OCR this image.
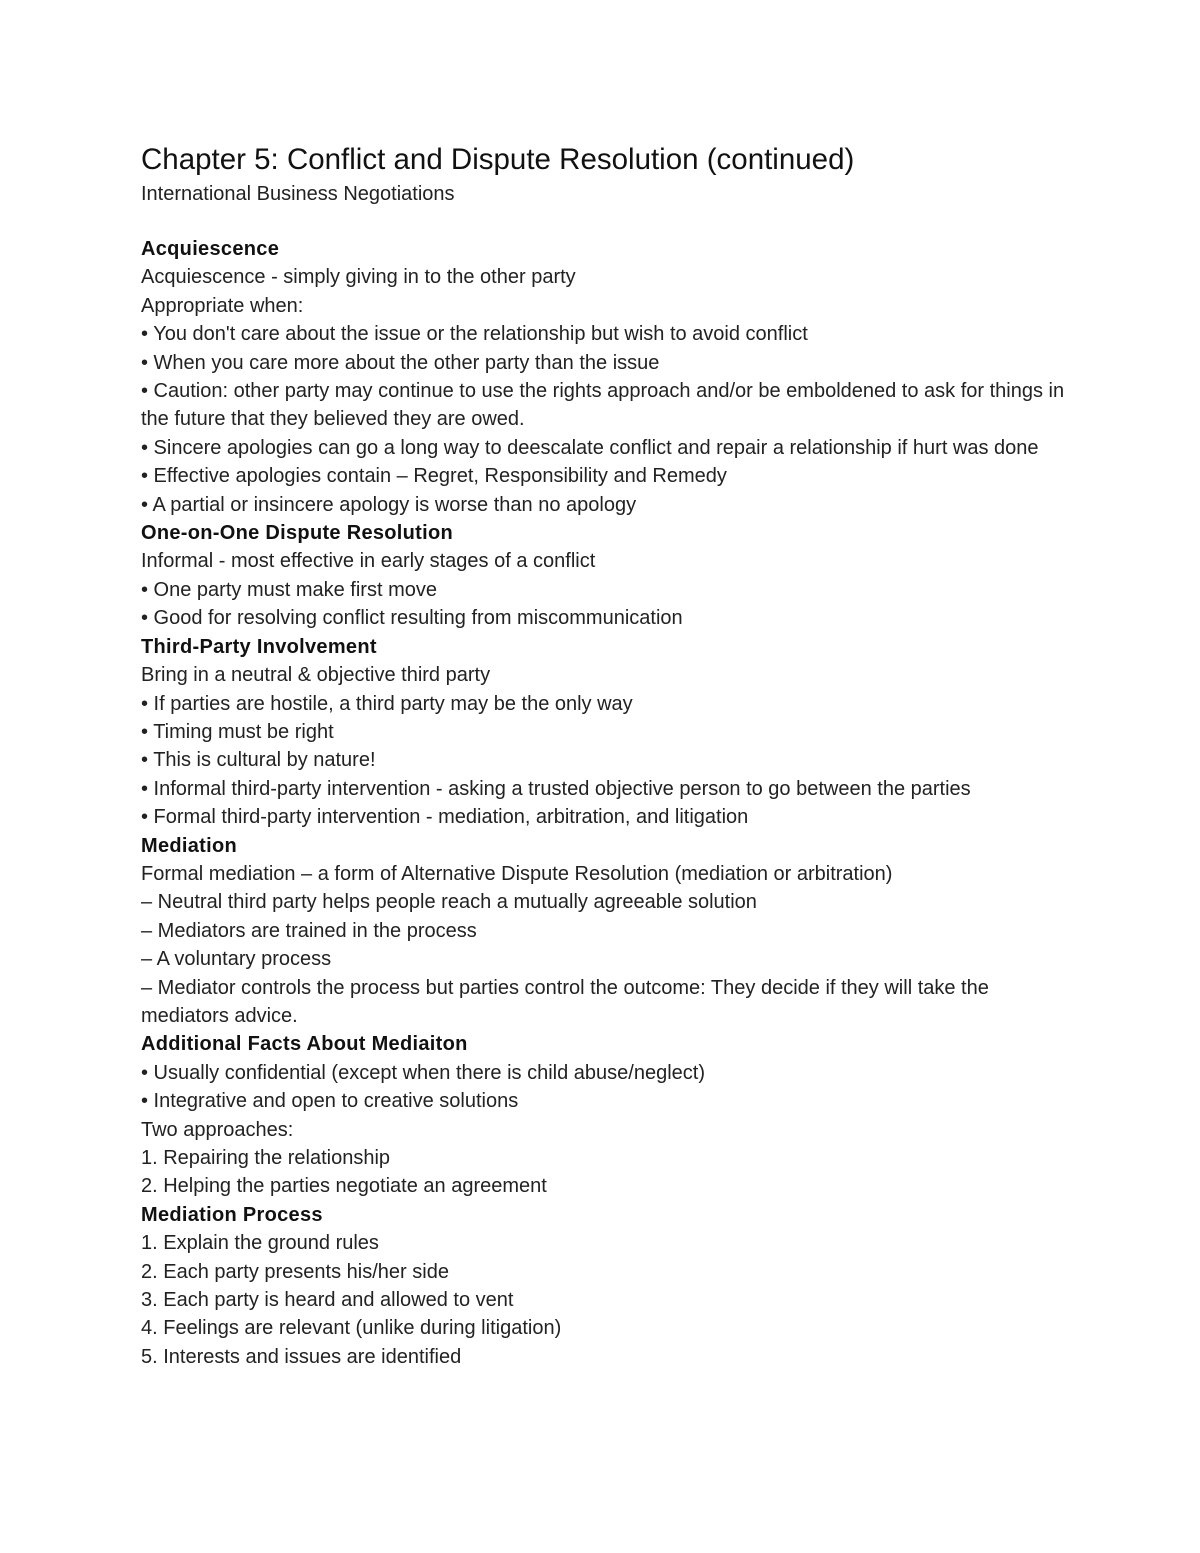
Chapter 5: Conflict and Dispute Resolution (continued)

International Business Negotiations

Acquiescence

Acquiescence - simply giving in to the other party

Appropriate when:

• You don't care about the issue or the relationship but wish to avoid conflict

• When you care more about the other party than the issue

• Caution: other party may continue to use the rights approach and/or be emboldened to ask for things in the future that they believed they are owed.

• Sincere apologies can go a long way to deescalate conflict and repair a relationship if hurt was done

• Effective apologies contain – Regret, Responsibility and Remedy

• A partial or insincere apology is worse than no apology

One-on-One Dispute Resolution

Informal - most effective in early stages of a conflict

• One party must make first move

• Good for resolving conflict resulting from miscommunication

Third-Party Involvement

Bring in a neutral & objective third party

• If parties are hostile, a third party may be the only way

• Timing must be right

• This is cultural by nature!

• Informal third-party intervention - asking a trusted objective person to go between the parties

• Formal third-party intervention - mediation, arbitration, and litigation

Mediation

Formal mediation – a form of Alternative Dispute Resolution (mediation or arbitration)

– Neutral third party helps people reach a mutually agreeable solution

– Mediators are trained in the process

– A voluntary process

– Mediator controls the process but parties control the outcome: They decide if they will take the mediators advice.

Additional Facts About Mediaiton

• Usually confidential (except when there is child abuse/neglect)

• Integrative and open to creative solutions

Two approaches:

1. Repairing the relationship

2. Helping the parties negotiate an agreement

Mediation Process

1. Explain the ground rules

2. Each party presents his/her side

3. Each party is heard and allowed to vent

4. Feelings are relevant (unlike during litigation)

5. Interests and issues are identified
